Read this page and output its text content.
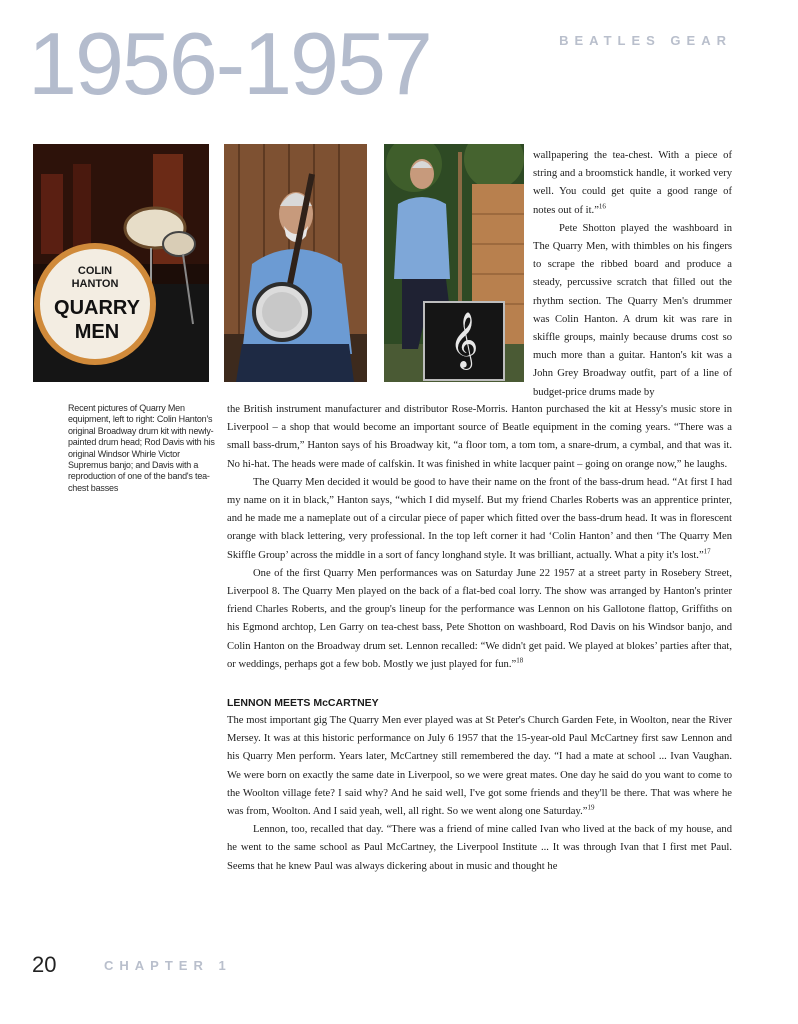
1956-1957	BEATLES GEAR
COLIN
HANTON
QUARRY
MEN	𝄞
Recent pictures of Quarry Men equipment, left to right: Colin Hanton's original Broadway drum kit with newly-painted drum head; Rod Davis with his original Windsor Whirle Victor Supremus banjo; and Davis with a reproduction of one of the band's tea-chest basses

wallpapering the tea-chest. With a piece of string and a broomstick handle, it worked very well. You could get quite a good range of notes out of it.”$^{16}$

Pete Shotton played the washboard in The Quarry Men, with thimbles on his fingers to scrape the ribbed board and produce a steady, percussive scratch that filled out the rhythm section. The Quarry Men's drummer was Colin Hanton. A drum kit was rare in skiffle groups, mainly because drums cost so much more than a guitar. Hanton's kit was a John Grey Broadway outfit, part of a line of budget-price drums made by

the British instrument manufacturer and distributor Rose-Morris. Hanton purchased the kit at Hessy's music store in Liverpool – a shop that would become an important source of Beatle equipment in the coming years. “There was a small bass-drum,” Hanton says of his Broadway kit, “a floor tom, a tom tom, a snare-drum, a cymbal, and that was it. No hi-hat. The heads were made of calfskin. It was finished in white lacquer paint – going on orange now,” he laughs.

The Quarry Men decided it would be good to have their name on the front of the bass-drum head. “At first I had my name on it in black,” Hanton says, “which I did myself. But my friend Charles Roberts was an apprentice printer, and he made me a nameplate out of a circular piece of paper which fitted over the bass-drum head. It was in florescent orange with black lettering, very professional. In the top left corner it had ‘Colin Hanton’ and then ‘The Quarry Men Skiffle Group’ across the middle in a sort of fancy longhand style. It was brilliant, actually. What a pity it's lost.”$^{17}$

One of the first Quarry Men performances was on Saturday June 22 1957 at a street party in Rosebery Street, Liverpool 8. The Quarry Men played on the back of a flat-bed coal lorry. The show was arranged by Hanton's printer friend Charles Roberts, and the group's lineup for the performance was Lennon on his Gallotone flattop, Griffiths on his Egmond archtop, Len Garry on tea-chest bass, Pete Shotton on washboard, Rod Davis on his Windsor banjo, and Colin Hanton on the Broadway drum set. Lennon recalled: “We didn't get paid. We played at blokes’ parties after that, or weddings, perhaps got a few bob. Mostly we just played for fun.”$^{18}$

LENNON MEETS McCARTNEY

The most important gig The Quarry Men ever played was at St Peter's Church Garden Fete, in Woolton, near the River Mersey. It was at this historic performance on July 6 1957 that the 15-year-old Paul McCartney first saw Lennon and his Quarry Men perform. Years later, McCartney still remembered the day. “I had a mate at school ... Ivan Vaughan. We were born on exactly the same date in Liverpool, so we were great mates. One day he said do you want to come to the Woolton village fete? I said why? And he said well, I've got some friends and they'll be there. That was where he was from, Woolton. And I said yeah, well, all right. So we went along one Saturday.”$^{19}$

Lennon, too, recalled that day. “There was a friend of mine called Ivan who lived at the back of my house, and he went to the same school as Paul McCartney, the Liverpool Institute ... It was through Ivan that I first met Paul. Seems that he knew Paul was always dickering about in music and thought he

20	CHAPTER 1
